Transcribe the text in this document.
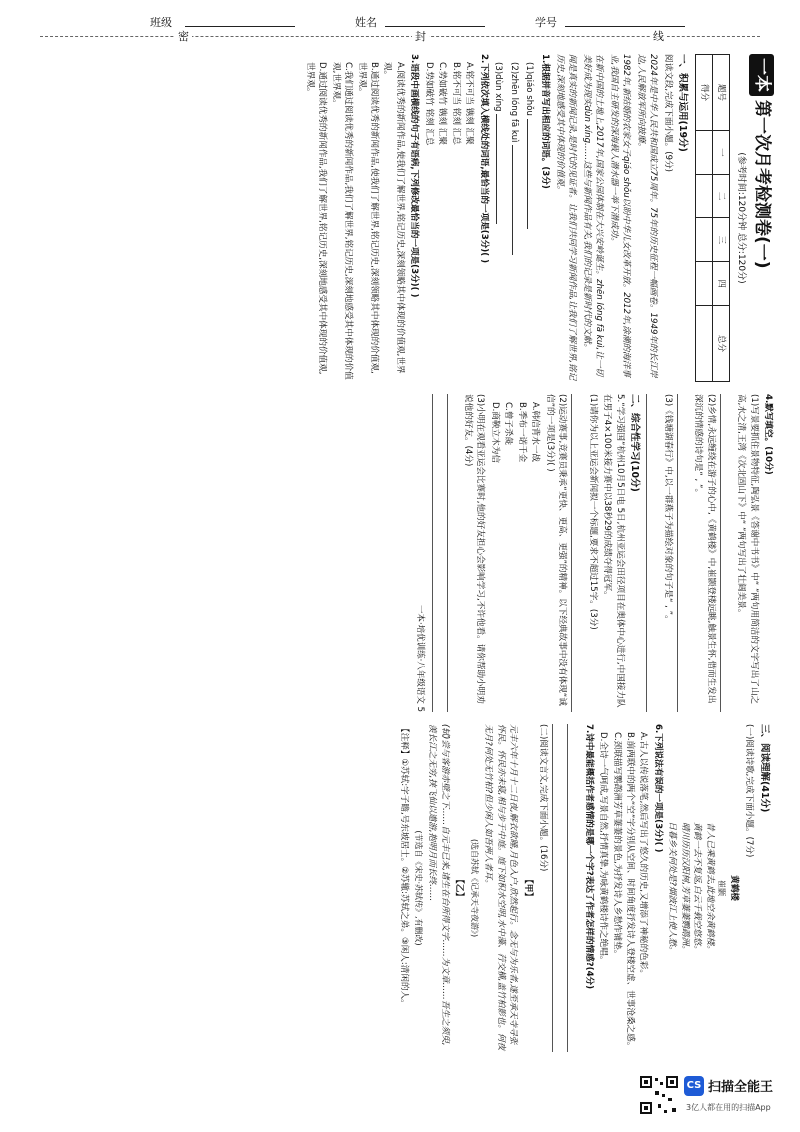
班级	姓名	学号
密	封	线
一本第一次月考检测卷(一)
(参考时间:120分钟 总分:120分)
题号	一	二	三	四	总分
得分					
一、积累与运用(19分)
阅读文段,完成下面小题。(9分)
2024年是中华人民共和国成立75周年。75年的历史征程一幅画卷。1949年的长江岸边,人民解放军所向披靡。
1982年,新结婚的农家女子qiáo shǒu以盼中华儿女改革开放。2012年,涂潮的海洋事业,我国自主研发的深海载人潜水器一举下潜成功。
在新中国的土地上,2017年,国家公园体制在大兴安岭诞生。zhēn lóng fā kuì,让一切美好成为现实dùn xíng……这些与新闻作品有关,我们的记录是新时代的文献。
闻是真实的新闻记录,是时代的见证者。让我们共同学习新闻作品,让我们了解世界,铭记历史,深刻地感受其中体现的价值观。
1.根据拼音写出相应的词语。(3分)
(1)qiáo shǒu
(2)zhēn lóng fā kuì
(3)dùn xíng
2.下列依次填入横线处的词语,最恰当的一项是(3分)( )
A.铭不可当 镌刻 汇聚
B.铭不可当 铭刻 汇总
C.势如破竹 镌刻 汇聚
D.势如破竹 铭刻 汇总
3.语段中画横线的句子有语病,下列修改最恰当的一项是(3分)( )
A.阅读优秀的新闻作品,使我们了解世界,铭记历史,深刻领略其中体现的价值观,世界观。
B.通过阅读优秀的新闻作品,使我们了解世界,铭记历史,深刻领略其中体现的价值观,世界观。
C.我们通过阅读优秀的新闻作品,我们了解世界,铭记历史,深刻地感受其中体现的价值观,世界观。
D.通过阅读优秀的新闻作品,我们了解世界,铭记历史,深刻地感受其中体现的价值观,世界观。
4.默写填空。(10分)
(1)写景要抓住景物特征,陶弘景《答谢中书书》中“ ”两句用简洁的文字写出了山之高,水之清,王湾《次北固山下》中“ ”两句写出了壮阔美景。
(2)乡情,永远缠绕在游子的心中,《黄鹤楼》中,崔颢登楼远眺,触景生怀,借而生发出深沉的情感的诗句是“ , ”。
(3)《钱塘湖春行》中,以一群燕子为描绘对象的句子是“ , ”。
二、综合性学习(10分)
5.“学习强国”杭州10月5日电 5日,杭州亚运会田径项目在奥体中心进行,中国接力队在男子4×100米接力赛中以38秒29的成绩夺得冠军。
(1)请你为以上亚运会新闻拟一个标题,要求不超过15字。(3分)
(2)运动赛事,竞赛员秉承“更快、更高、更强”的精神。以下经典故事中没有体现“诚信”的一项是(3分)( )
A.韩信背水一战
B.季布一诺千金
C.曾子杀彘
D.商鞅立木为信
(3)小明在观看亚运会比赛时,他的好友担心会影响学习,不许他看。请你帮助小明劝说他的好友。(4分)
一本·培优训练·八年级语文 5
三、阅读理解(41分)
(一)阅读诗歌,完成下面小题。(7分)
黄鹤楼
崔颢
昔人已乘黄鹤去,此地空余黄鹤楼。
黄鹤一去不复返,白云千载空悠悠。
晴川历历汉阳树,芳草萋萋鹦鹉洲。
日暮乡关何处是?烟波江上使人愁。
6.下列说法有误的一项是(3分)( )
A.古人以传说落笔,然后写出了悠久的历史,又增添了神秘的色彩。
B.前两联中的两个“空”字分别从空间、时间角度抒发诗人登楼空虚、世事沧桑之感。
C.颈联描写鹦鹉洲芳草萋萋的景色,为抒发诗人乡愁作铺垫。
D.全诗一气呵成,写景自然,抒情真挚,为咏黄鹤楼诗作之绝唱。
7.诗中最能概括作者感情的是哪一个字?表达了作者怎样的情感?(4分)
(二)阅读文言文,完成下面小题。(16分)
【甲】
元丰六年十月十二日夜,解衣欲睡,月色入户,欣然起行。念无与为乐者,遂至承天寺寻张怀民。怀民亦未寝,相与步于中庭。庭下如积水空明,水中藻、荇交横,盖竹柏影也。何夜无月?何处无竹柏?但少闲人如吾两人者耳。
(选自苏轼《记承天寺夜游》)
【乙】
(轼)尝与客游赤壁之下……自元丰已来,诸生在台所得文字……为文章……吾生之须臾,羡长江之无穷,挟飞仙以遨游,抱明月而长终……
(节选自《宋史·苏轼传》,有删改)
【注释】①苏轼:字子瞻,号东坡居士。②苏辙:苏轼之弟。③闲人:清闲的人。
CS 扫描全能王
3亿人都在用的扫描App
